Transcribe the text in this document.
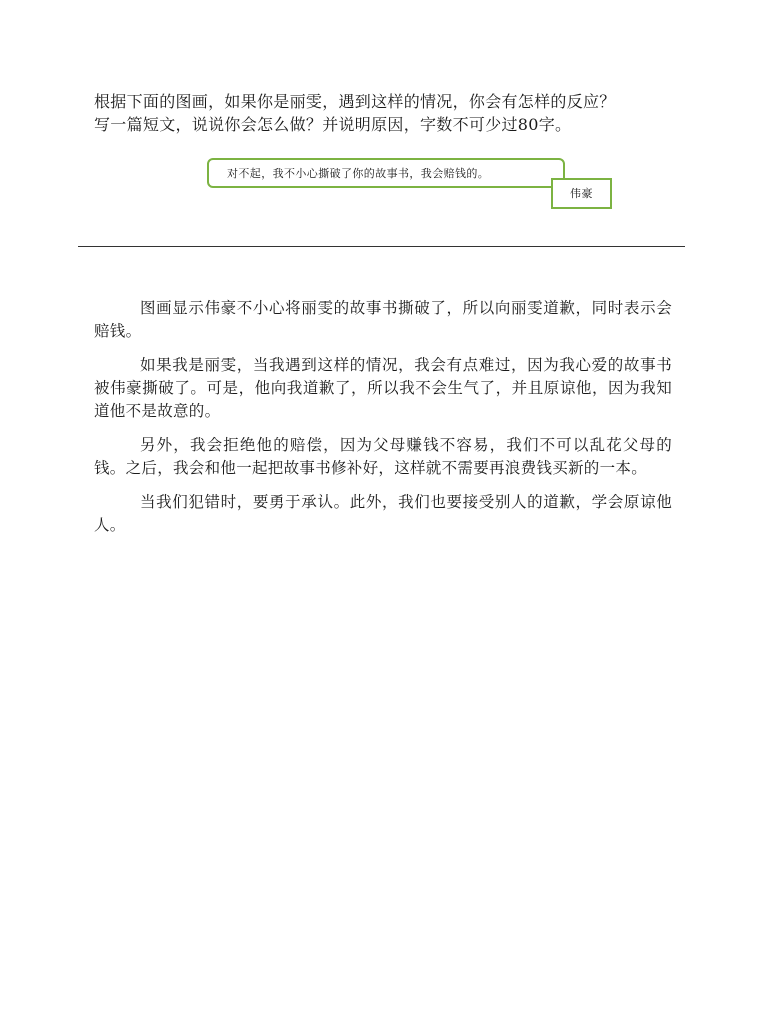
根据下面的图画，如果你是丽雯，遇到这样的情况，你会有怎样的反应？

写一篇短文，说说你会怎么做？并说明原因，字数不可少过80字。

对不起，我不小心撕破了你的故事书，我会赔钱的。
伟豪

图画显示伟豪不小心将丽雯的故事书撕破了，所以向丽雯道歉，同时表示会赔钱。

如果我是丽雯，当我遇到这样的情况，我会有点难过，因为我心爱的故事书被伟豪撕破了。可是，他向我道歉了，所以我不会生气了，并且原谅他，因为我知道他不是故意的。

另外，我会拒绝他的赔偿，因为父母赚钱不容易，我们不可以乱花父母的钱。之后，我会和他一起把故事书修补好，这样就不需要再浪费钱买新的一本。

当我们犯错时，要勇于承认。此外，我们也要接受别人的道歉，学会原谅他人。
